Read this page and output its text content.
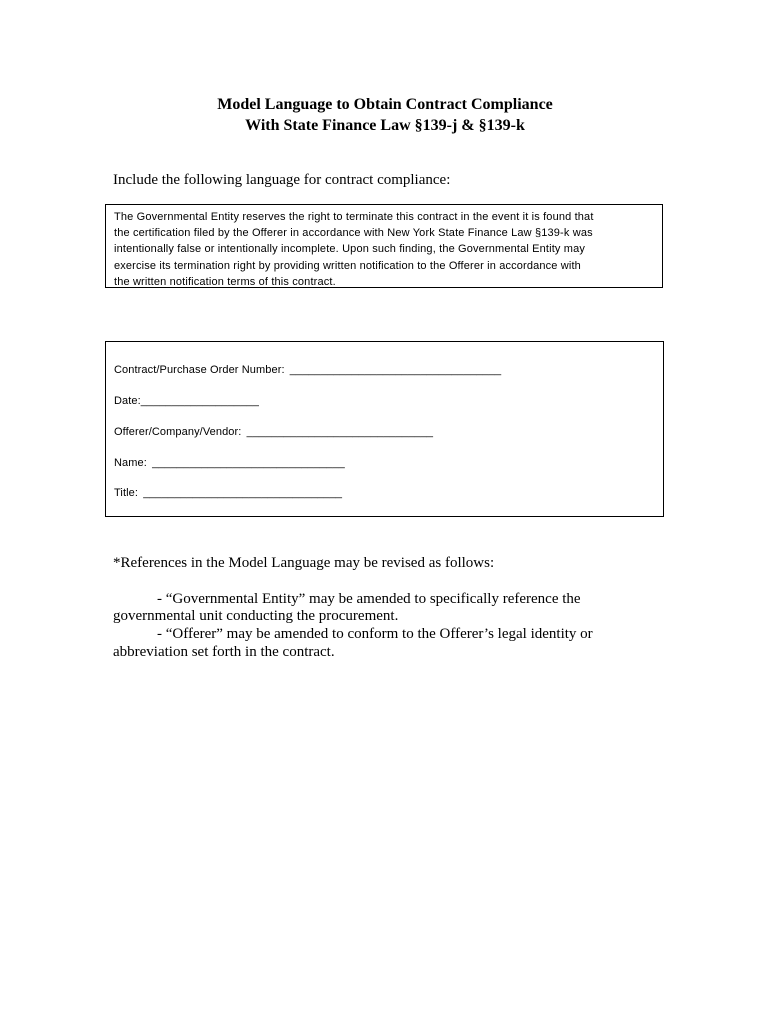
Model Language to Obtain Contract Compliance
With State Finance Law §139-j & §139-k
Include the following language for contract compliance:
The Governmental Entity reserves the right to terminate this contract in the event it is found that
the certification filed by the Offerer in accordance with New York State Finance Law §139-k was
intentionally false or intentionally incomplete. Upon such finding, the Governmental Entity may
exercise its termination right by providing written notification to the Offerer in accordance with
the written notification terms of this contract.
Contract/Purchase Order Number: __________________________________
Date:___________________
Offerer/Company/Vendor: ______________________________
Name: _______________________________
Title: ________________________________
*References in the Model Language may be revised as follows:
- “Governmental Entity” may be amended to specifically reference the
governmental unit conducting the procurement.
- “Offerer” may be amended to conform to the Offerer’s legal identity or
abbreviation set forth in the contract.
